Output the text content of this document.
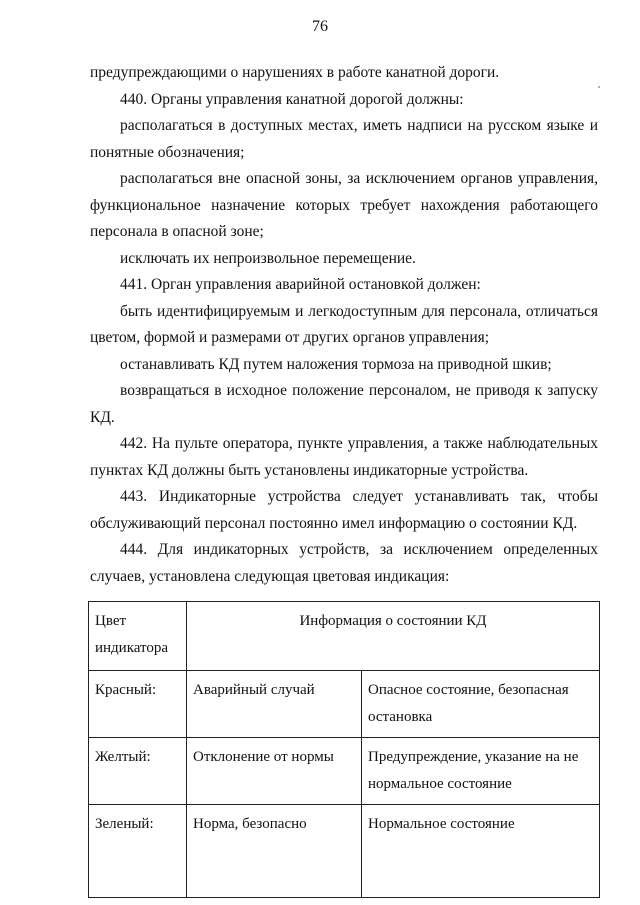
76

предупреждающими о нарушениях в работе канатной дороги.

440. Органы управления канатной дорогой должны:

располагаться в доступных местах, иметь надписи на русском языке и понятные обозначения;

располагаться вне опасной зоны, за исключением органов управления, функциональное назначение которых требует нахождения работающего персонала в опасной зоне;

исключать их непроизвольное перемещение.

441. Орган управления аварийной остановкой должен:

быть идентифицируемым и легкодоступным для персонала, отличаться цветом, формой и размерами от других органов управления;

останавливать КД путем наложения тормоза на приводной шкив;

возвращаться в исходное положение персоналом, не приводя к запуску КД.

442. На пульте оператора, пункте управления, а также наблюдательных пунктах КД должны быть установлены индикаторные устройства.

443. Индикаторные устройства следует устанавливать так, чтобы обслуживающий персонал постоянно имел информацию о состоянии КД.

444. Для индикаторных устройств, за исключением определенных случаев, установлена следующая цветовая индикация:

Цвет индикатора	Информация о состоянии КД	
Красный:	Аварийный случай	Опасное состояние, безопасная остановка
Желтый:	Отклонение от нормы	Предупреждение, указание на не нормальное состояние
Зеленый:	Норма, безопасно	Нормальное состояние
